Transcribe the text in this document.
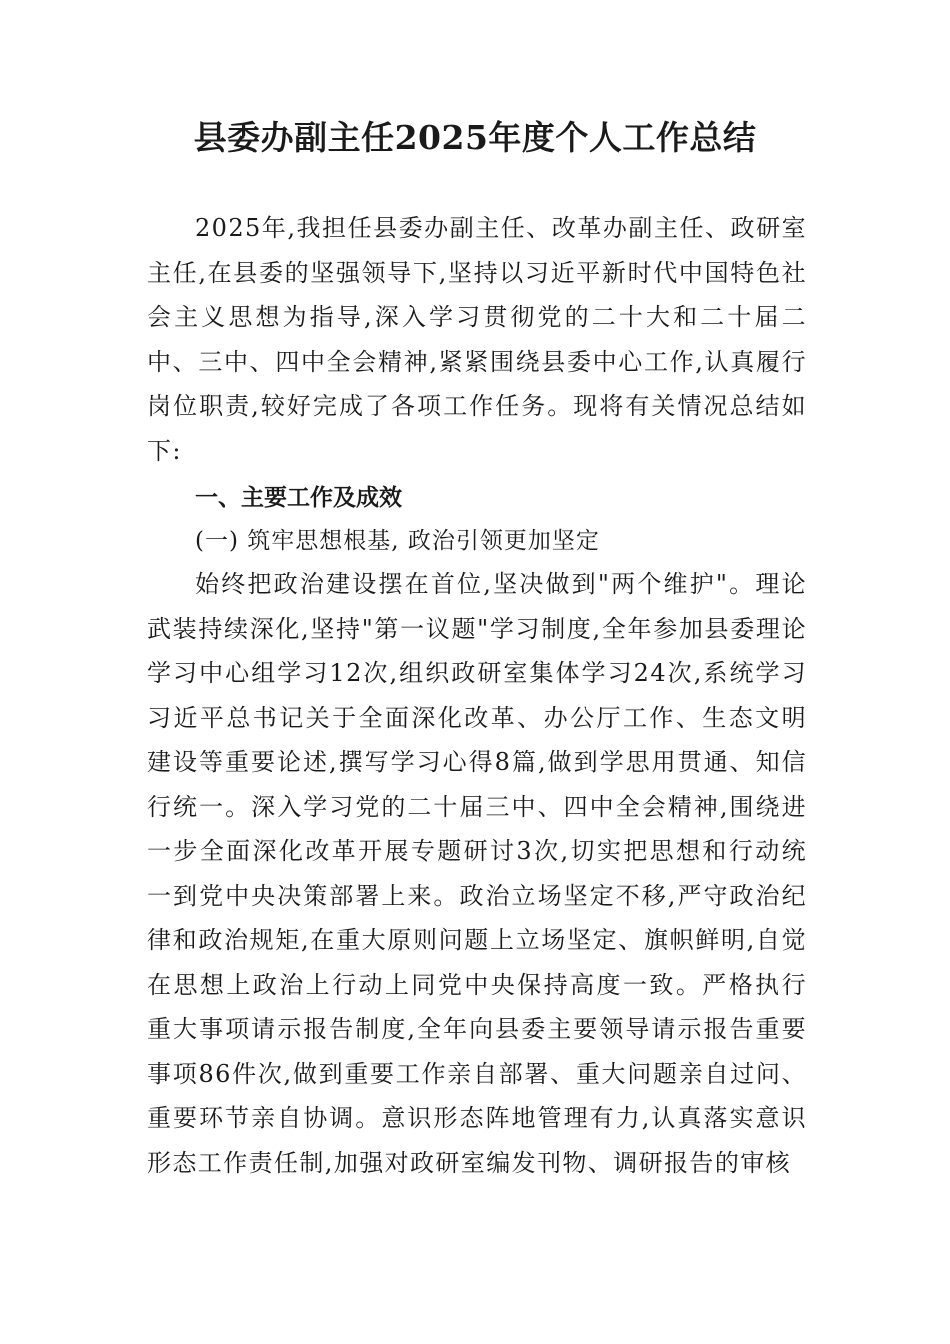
县委办副主任2025年度个人工作总结
2025年,我担任县委办副主任、改革办副主任、政研室主任,在县委的坚强领导下,坚持以习近平新时代中国特色社会主义思想为指导,深入学习贯彻党的二十大和二十届二中、三中、四中全会精神,紧紧围绕县委中心工作,认真履行岗位职责,较好完成了各项工作任务。现将有关情况总结如下:
一、主要工作及成效
(一) 筑牢思想根基, 政治引领更加坚定
始终把政治建设摆在首位,坚决做到"两个维护"。理论武装持续深化,坚持"第一议题"学习制度,全年参加县委理论学习中心组学习12次,组织政研室集体学习24次,系统学习习近平总书记关于全面深化改革、办公厅工作、生态文明建设等重要论述,撰写学习心得8篇,做到学思用贯通、知信行统一。深入学习党的二十届三中、四中全会精神,围绕进一步全面深化改革开展专题研讨3次,切实把思想和行动统一到党中央决策部署上来。政治立场坚定不移,严守政治纪律和政治规矩,在重大原则问题上立场坚定、旗帜鲜明,自觉在思想上政治上行动上同党中央保持高度一致。严格执行重大事项请示报告制度,全年向县委主要领导请示报告重要事项86件次,做到重要工作亲自部署、重大问题亲自过问、重要环节亲自协调。意识形态阵地管理有力,认真落实意识形态工作责任制,加强对政研室编发刊物、调研报告的审核
